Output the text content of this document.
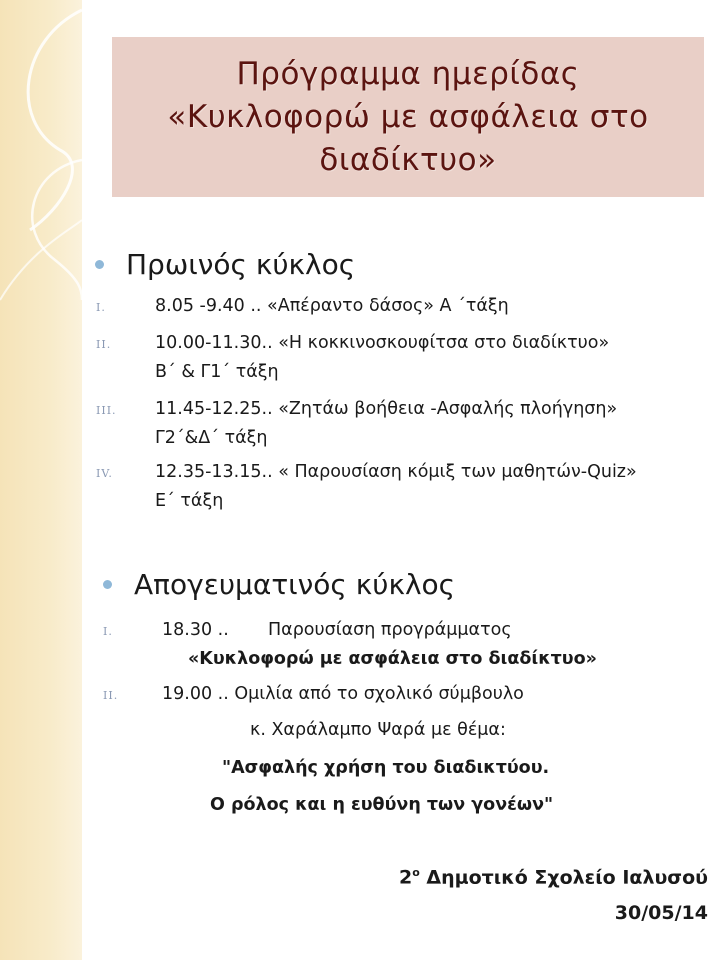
Πρόγραμμα ημερίδας
«Κυκλοφορώ με ασφάλεια στο
διαδίκτυο»
Πρωινός κύκλος
I.	8.05 -9.40 .. «Απέραντο δάσος» Α ΄τάξη
II.	10.00-11.30.. «Η κοκκινοσκουφίτσα στο διαδίκτυο»
Β΄ & Γ1΄ τάξη
III. 11.45-12.25.. «Ζητάω βοήθεια -Ασφαλής πλοήγηση»
Γ2΄&Δ΄ τάξη
IV. 12.35-13.15.. « Παρουσίαση κόμιξ των μαθητών-Quiz»
Ε΄ τάξη
Απογευματινός κύκλος
I.	18.30 .. Παρουσίαση προγράμματος
«Κυκλοφορώ με ασφάλεια στο διαδίκτυο»
II.	19.00 .. Ομιλία από το σχολικό σύμβουλο
κ. Χαράλαμπο Ψαρά με θέμα:
"Ασφαλής χρήση του διαδικτύου.
Ο ρόλος και η ευθύνη των γονέων"
$2^o$ Δημοτικό Σχολείο Ιαλυσού
30/05/14
